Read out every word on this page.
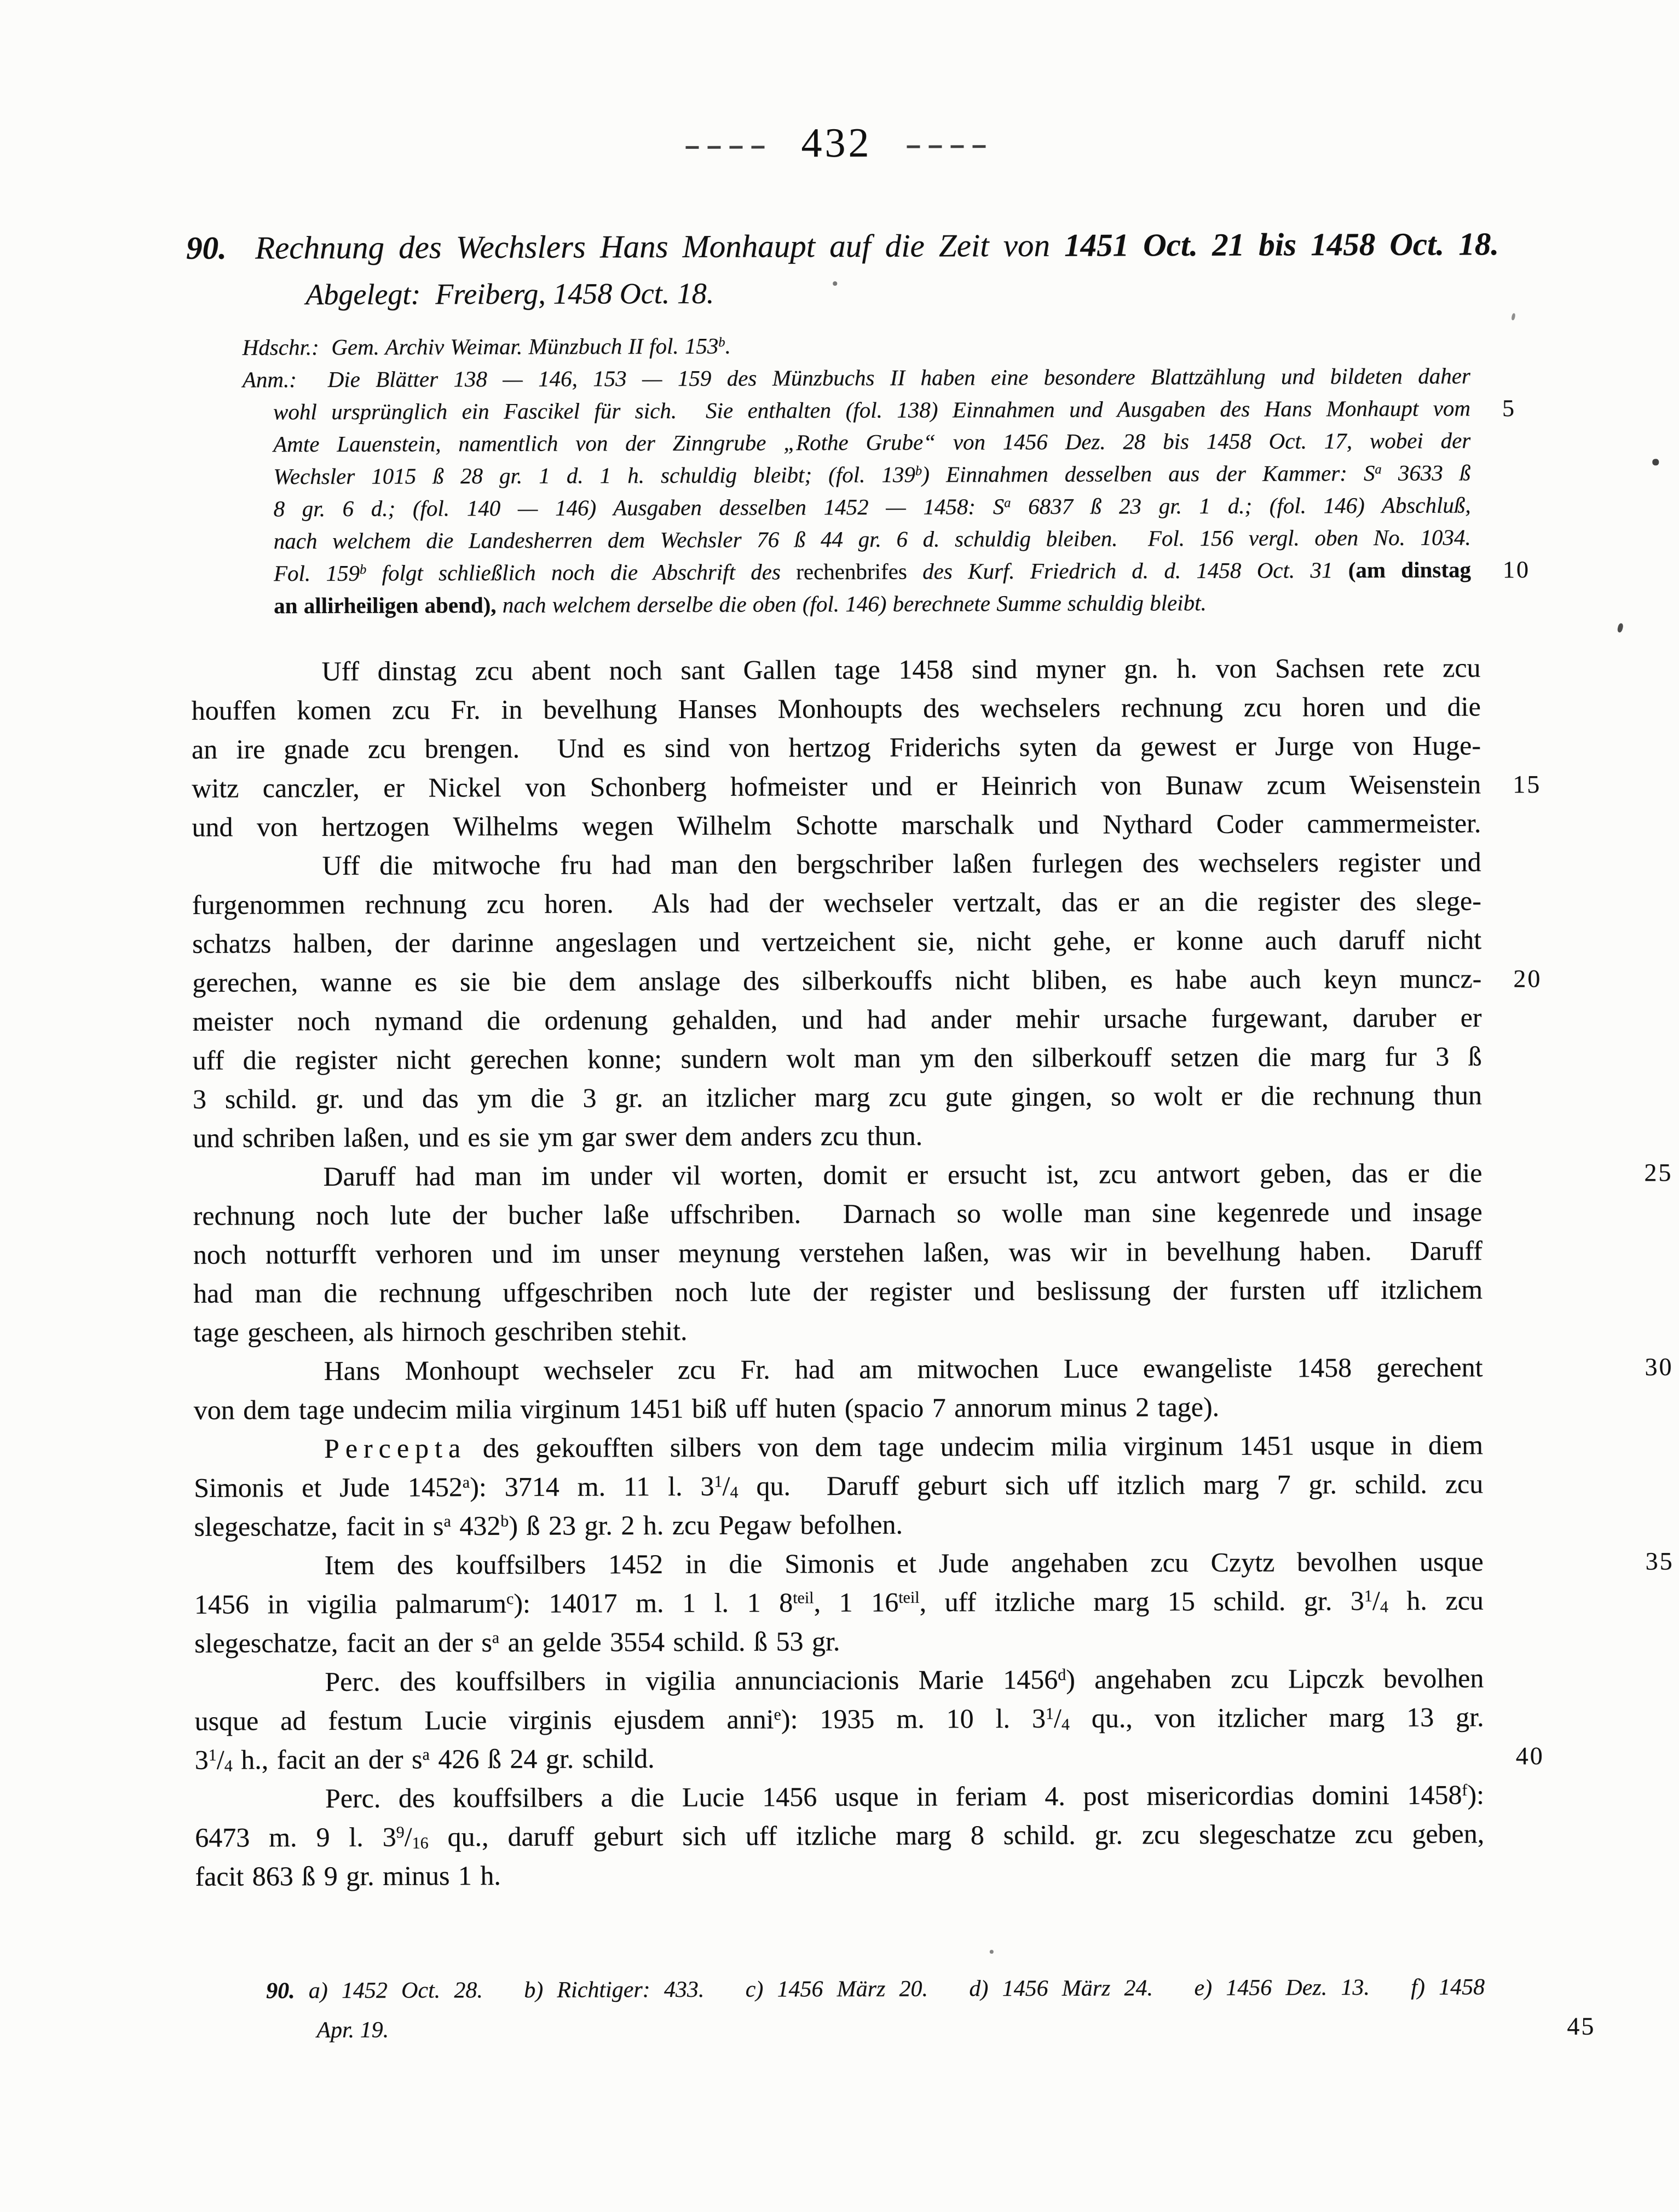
432
90.  Rechnung des Wechslers Hans Monhaupt auf die Zeit von 1451 Oct. 21 bis 1458 Oct. 18.
Abgelegt:  Freiberg, 1458 Oct. 18.
Hdschr.:  Gem. Archiv Weimar. Münzbuch II fol. 153$^b$.
Anm.:  Die Blätter 138 — 146, 153 — 159 des Münzbuchs II haben eine besondere Blattzählung und bildeten daher
wohl ursprünglich ein Fascikel für sich.  Sie enthalten (fol. 138) Einnahmen und Ausgaben des Hans Monhaupt vom 5
Amte Lauenstein, namentlich von der Zinngrube „Rothe Grube“ von 1456 Dez. 28 bis 1458 Oct. 17, wobei der
Wechsler 1015 ß 28 gr. 1 d. 1 h. schuldig bleibt; (fol. 139$^b$) Einnahmen desselben aus der Kammer: $S^a$ 3633 ß
8 gr. 6 d.; (fol. 140 — 146) Ausgaben desselben 1452 — 1458: $S^a$ 6837 ß 23 gr. 1 d.; (fol. 146) Abschluß,
nach welchem die Landesherren dem Wechsler 76 ß 44 gr. 6 d. schuldig bleiben.  Fol. 156 vergl. oben No. 1034.
Fol. 159$^b$ folgt schließlich noch die Abschrift des rechenbrifes des Kurf. Friedrich d. d. 1458 Oct. 31 (am dinstag 10
an allirheiligen abend), nach welchem derselbe die oben (fol. 146) berechnete Summe schuldig bleibt.
Uff dinstag zcu abent noch sant Gallen tage 1458 sind myner gn. h. von Sachsen rete zcu
houffen komen zcu Fr. in bevelhung Hanses Monhoupts des wechselers rechnung zcu horen und die
an ire gnade zcu brengen.  Und es sind von hertzog Friderichs syten da gewest er Jurge von Huge-
witz canczler, er Nickel von Schonberg hofmeister und er Heinrich von Bunaw zcum Weisenstein 15
und von hertzogen Wilhelms wegen Wilhelm Schotte marschalk und Nythard Coder cammermeister.
Uff die mitwoche fru had man den bergschriber laßen furlegen des wechselers register und
furgenommen rechnung zcu horen.  Als had der wechseler vertzalt, das er an die register des slege-
schatzs halben, der darinne angeslagen und vertzeichent sie, nicht gehe, er konne auch daruff nicht
gerechen, wanne es sie bie dem anslage des silberkouffs nicht bliben, es habe auch keyn muncz- 20
meister noch nymand die ordenung gehalden, und had ander mehir ursache furgewant, daruber er
uff die register nicht gerechen konne; sundern wolt man ym den silberkouff setzen die marg fur 3 ß
3 schild. gr. und das ym die 3 gr. an itzlicher marg zcu gute gingen, so wolt er die rechnung thun
und schriben laßen, und es sie ym gar swer dem anders zcu thun.
Daruff had man im under vil worten, domit er ersucht ist, zcu antwort geben, das er die	25
rechnung noch lute der bucher laße uffschriben.  Darnach so wolle man sine kegenrede und insage
noch notturfft verhoren und im unser meynung verstehen laßen, was wir in bevelhung haben.  Daruff
had man die rechnung uffgeschriben noch lute der register und beslissung der fursten uff itzlichem
tage gescheen, als hirnoch geschriben stehit.
Hans Monhoupt wechseler zcu Fr. had am mitwochen Luce ewangeliste 1458 gerechent	30
von dem tage undecim milia virginum 1451 biß uff huten (spacio 7 annorum minus 2 tage).
Percepta des gekoufften silbers von dem tage undecim milia virginum 1451 usque in diem
Simonis et Jude 1452$^a$): 3714 m. 11 l. $3^1/4$ qu.  Daruff geburt sich uff itzlich marg 7 gr. schild. zcu
slegeschatze, facit in $s^a$ 432$^b$) ß 23 gr. 2 h. zcu Pegaw befolhen.
Item des kouffsilbers 1452 in die Simonis et Jude angehaben zcu Czytz bevolhen usque	35
1456 in vigilia palmarum$^c$): 14017 m. 1 l. 1 $8^{teil}$, 1 $16^{teil}$, uff itzliche marg 15 schild. gr. $3^1/4$ h. zcu
slegeschatze, facit an der $s^a$ an gelde 3554 schild. ß 53 gr.
Perc. des kouffsilbers in vigilia annunciacionis Marie 1456$^d$) angehaben zcu Lipczk bevolhen
usque ad festum Lucie virginis ejusdem anni$^e$): 1935 m. 10 l. $3^1/4$ qu., von itzlicher marg 13 gr.
$3^1/4$ h., facit an der $s^a$ 426 ß 24 gr. schild.	40
Perc. des kouffsilbers a die Lucie 1456 usque in feriam 4. post misericordias domini 1458$^f$):
6473 m. 9 l. $3^9/16$ qu., daruff geburt sich uff itzliche marg 8 schild. gr. zcu slegeschatze zcu geben,
facit 863 ß 9 gr. minus 1 h.
90. a) 1452 Oct. 28.   b) Richtiger: 433.   c) 1456 März 20.   d) 1456 März 24.   e) 1456 Dez. 13.   f) 1458
Apr. 19.	45
